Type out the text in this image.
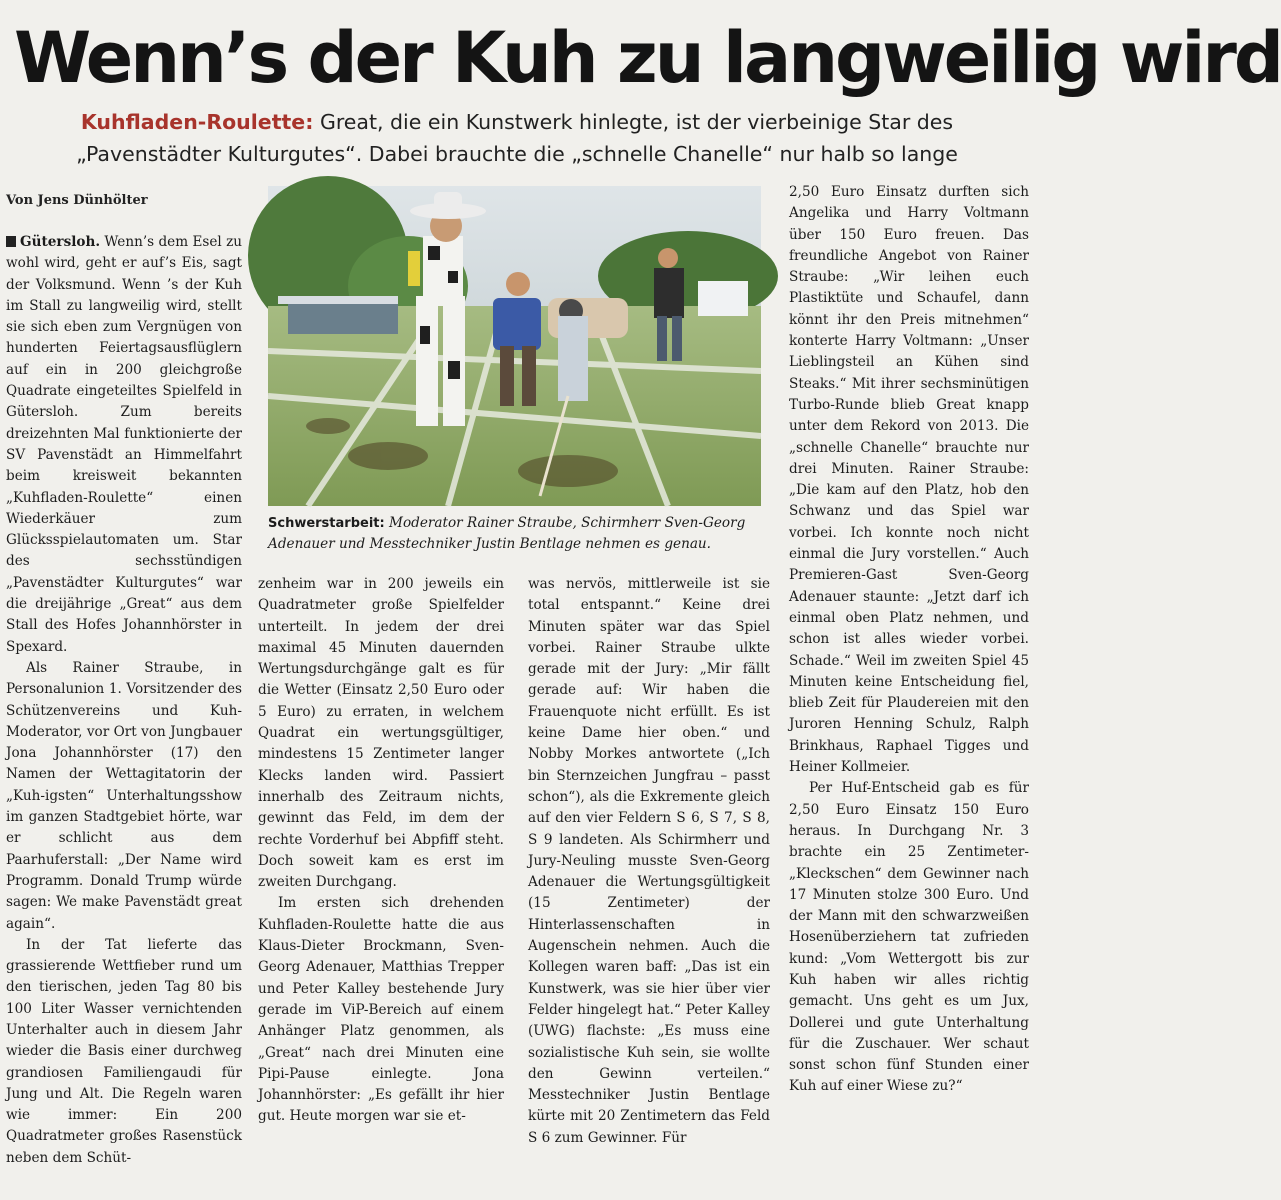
Wenn’s der Kuh zu langweilig wird
Kuhfladen-Roulette: Great, die ein Kunstwerk hinlegte, ist der vierbeinige Star des „Pavenstädter Kulturgutes“. Dabei brauchte die „schnelle Chanelle“ nur halb so lange
Von Jens Dünhölter

Gütersloh. Wenn’s dem Esel zu wohl wird, geht er auf’s Eis, sagt der Volksmund. Wenn ’s der Kuh im Stall zu langweilig wird, stellt sie sich eben zum Vergnügen von hunderten Feiertagsausflüglern auf ein in 200 gleichgroße Quadrate eingeteiltes Spielfeld in Gütersloh. Zum bereits dreizehnten Mal funktionierte der SV Pavenstädt an Himmelfahrt beim kreisweit bekannten „Kuhfladen-Roulette“ einen Wiederkäuer zum Glücksspielautomaten um. Star des sechsstündigen „Pavenstädter Kulturgutes“ war die dreijährige „Great“ aus dem Stall des Hofes Johannhörster in Spexard.

Als Rainer Straube, in Personalunion 1. Vorsitzender des Schützenvereins und Kuh-Moderator, vor Ort von Jungbauer Jona Johannhörster (17) den Namen der Wettagitatorin der „Kuh-igsten“ Unterhaltungsshow im ganzen Stadtgebiet hörte, war er schlicht aus dem Paarhuferstall: „Der Name wird Programm. Donald Trump würde sagen: We make Pavenstädt great again“.

In der Tat lieferte das grassierende Wettfieber rund um den tierischen, jeden Tag 80 bis 100 Liter Wasser vernichtenden Unterhalter auch in diesem Jahr wieder die Basis einer durchweg grandiosen Familiengaudi für Jung und Alt. Die Regeln waren wie immer: Ein 200 Quadratmeter großes Rasenstück neben dem Schüt-

Schwerstarbeit: Moderator Rainer Straube, Schirmherr Sven-Georg Adenauer und Messtechniker Justin Bentlage nehmen es genau.

zenheim war in 200 jeweils ein Quadratmeter große Spielfelder unterteilt. In jedem der drei maximal 45 Minuten dauernden Wertungsdurchgänge galt es für die Wetter (Einsatz 2,50 Euro oder 5 Euro) zu erraten, in welchem Quadrat ein wertungsgültiger, mindestens 15 Zentimeter langer Klecks landen wird. Passiert innerhalb des Zeitraum nichts, gewinnt das Feld, im dem der rechte Vorderhuf bei Abpfiff steht. Doch soweit kam es erst im zweiten Durchgang.

Im ersten sich drehenden Kuhfladen-Roulette hatte die aus Klaus-Dieter Brockmann, Sven-Georg Adenauer, Matthias Trepper und Peter Kalley bestehende Jury gerade im ViP-Bereich auf einem Anhänger Platz genommen, als „Great“ nach drei Minuten eine Pipi-Pause einlegte. Jona Johannhörster: „Es gefällt ihr hier gut. Heute morgen war sie et-

was nervös, mittlerweile ist sie total entspannt.“ Keine drei Minuten später war das Spiel vorbei. Rainer Straube ulkte gerade mit der Jury: „Mir fällt gerade auf: Wir haben die Frauenquote nicht erfüllt. Es ist keine Dame hier oben.“ und Nobby Morkes antwortete („Ich bin Sternzeichen Jungfrau – passt schon“), als die Exkremente gleich auf den vier Feldern S 6, S 7, S 8, S 9 landeten. Als Schirmherr und Jury-Neuling musste Sven-Georg Adenauer die Wertungsgültigkeit (15 Zentimeter) der Hinterlassenschaften in Augenschein nehmen. Auch die Kollegen waren baff: „Das ist ein Kunstwerk, was sie hier über vier Felder hingelegt hat.“ Peter Kalley (UWG) flachste: „Es muss eine sozialistische Kuh sein, sie wollte den Gewinn verteilen.“ Messtechniker Justin Bentlage kürte mit 20 Zentimetern das Feld S 6 zum Gewinner. Für

2,50 Euro Einsatz durften sich Angelika und Harry Voltmann über 150 Euro freuen. Das freundliche Angebot von Rainer Straube: „Wir leihen euch Plastiktüte und Schaufel, dann könnt ihr den Preis mitnehmen“ konterte Harry Voltmann: „Unser Lieblingsteil an Kühen sind Steaks.“ Mit ihrer sechsminütigen Turbo-Runde blieb Great knapp unter dem Rekord von 2013. Die „schnelle Chanelle“ brauchte nur drei Minuten. Rainer Straube: „Die kam auf den Platz, hob den Schwanz und das Spiel war vorbei. Ich konnte noch nicht einmal die Jury vorstellen.“ Auch Premieren-Gast Sven-Georg Adenauer staunte: „Jetzt darf ich einmal oben Platz nehmen, und schon ist alles wieder vorbei. Schade.“ Weil im zweiten Spiel 45 Minuten keine Entscheidung fiel, blieb Zeit für Plaudereien mit den Juroren Henning Schulz, Ralph Brinkhaus, Raphael Tigges und Heiner Kollmeier.

Per Huf-Entscheid gab es für 2,50 Euro Einsatz 150 Euro heraus. In Durchgang Nr. 3 brachte ein 25 Zentimeter-„Kleckschen“ dem Gewinner nach 17 Minuten stolze 300 Euro. Und der Mann mit den schwarzweißen Hosenüberziehern tat zufrieden kund: „Vom Wettergott bis zur Kuh haben wir alles richtig gemacht. Uns geht es um Jux, Dollerei und gute Unterhaltung für die Zuschauer. Wer schaut sonst schon fünf Stunden einer Kuh auf einer Wiese zu?“
